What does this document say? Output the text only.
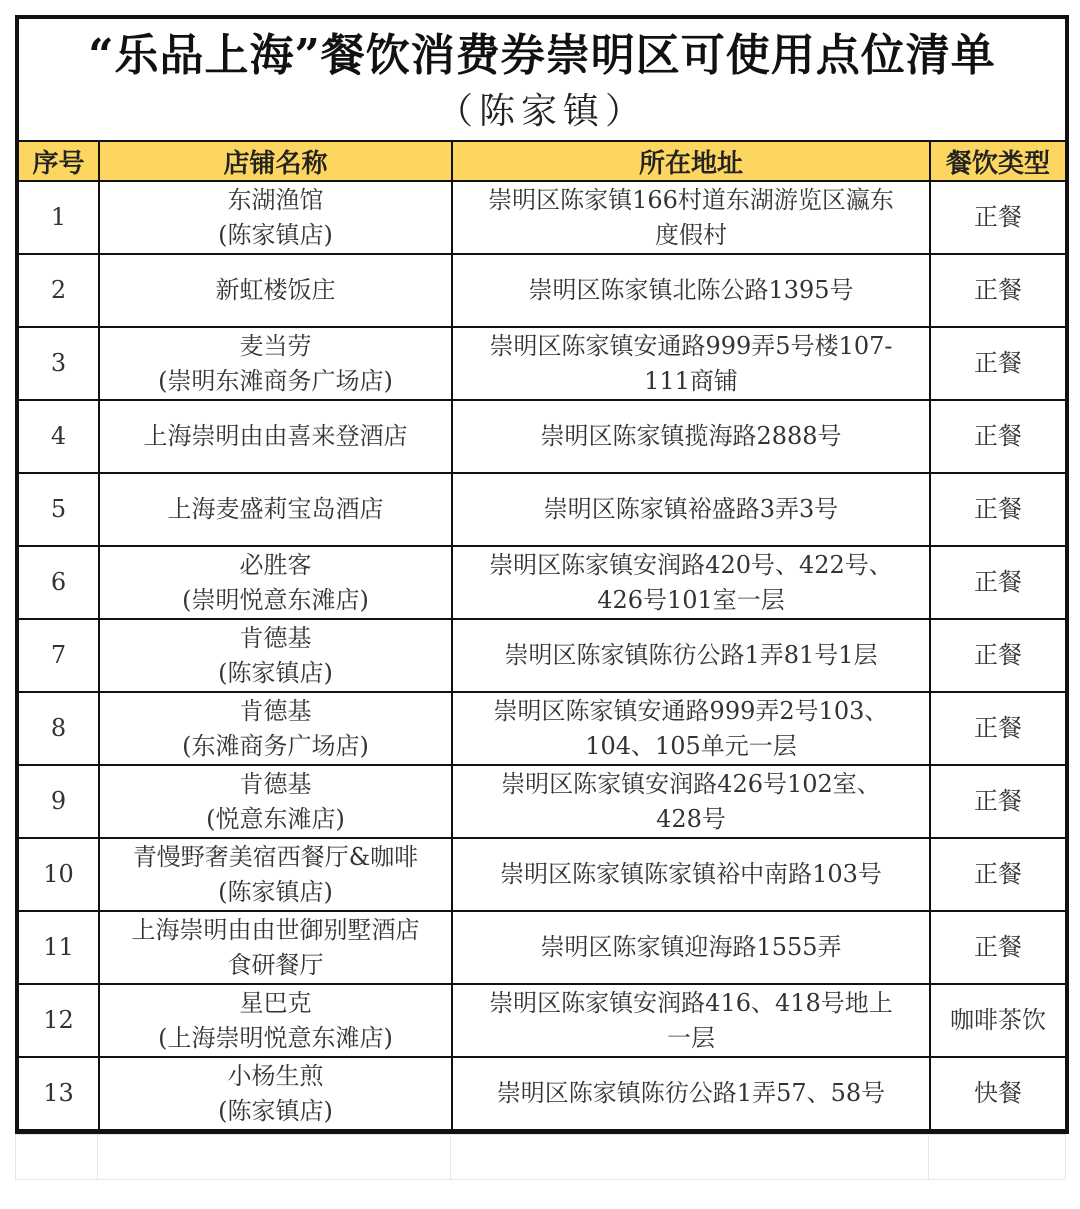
“乐品上海”餐饮消费券崇明区可使用点位清单
（陈家镇）			

序号	店铺名称	所在地址	餐饮类型
1	东湖渔馆
(陈家镇店)	崇明区陈家镇166村道东湖游览区瀛东
度假村	正餐
2	新虹楼饭庄	崇明区陈家镇北陈公路1395号	正餐
3	麦当劳
(崇明东滩商务广场店)	崇明区陈家镇安通路999弄5号楼107-
111商铺	正餐
4	上海崇明由由喜来登酒店	崇明区陈家镇揽海路2888号	正餐
5	上海麦盛莉宝岛酒店	崇明区陈家镇裕盛路3弄3号	正餐
6	必胜客
(崇明悦意东滩店)	崇明区陈家镇安润路420号、422号、
426号101室一层	正餐
7	肯德基
(陈家镇店)	崇明区陈家镇陈彷公路1弄81号1层	正餐
8	肯德基
(东滩商务广场店)	崇明区陈家镇安通路999弄2号103、
104、105单元一层	正餐
9	肯德基
(悦意东滩店)	崇明区陈家镇安润路426号102室、
428号	正餐
10	青慢野奢美宿西餐厅&咖啡
(陈家镇店)	崇明区陈家镇陈家镇裕中南路103号	正餐
11	上海崇明由由世御别墅酒店
食研餐厅	崇明区陈家镇迎海路1555弄	正餐
12	星巴克
(上海崇明悦意东滩店)	崇明区陈家镇安润路416、418号地上
一层	咖啡茶饮
13	小杨生煎
(陈家镇店)	崇明区陈家镇陈彷公路1弄57、58号	快餐
